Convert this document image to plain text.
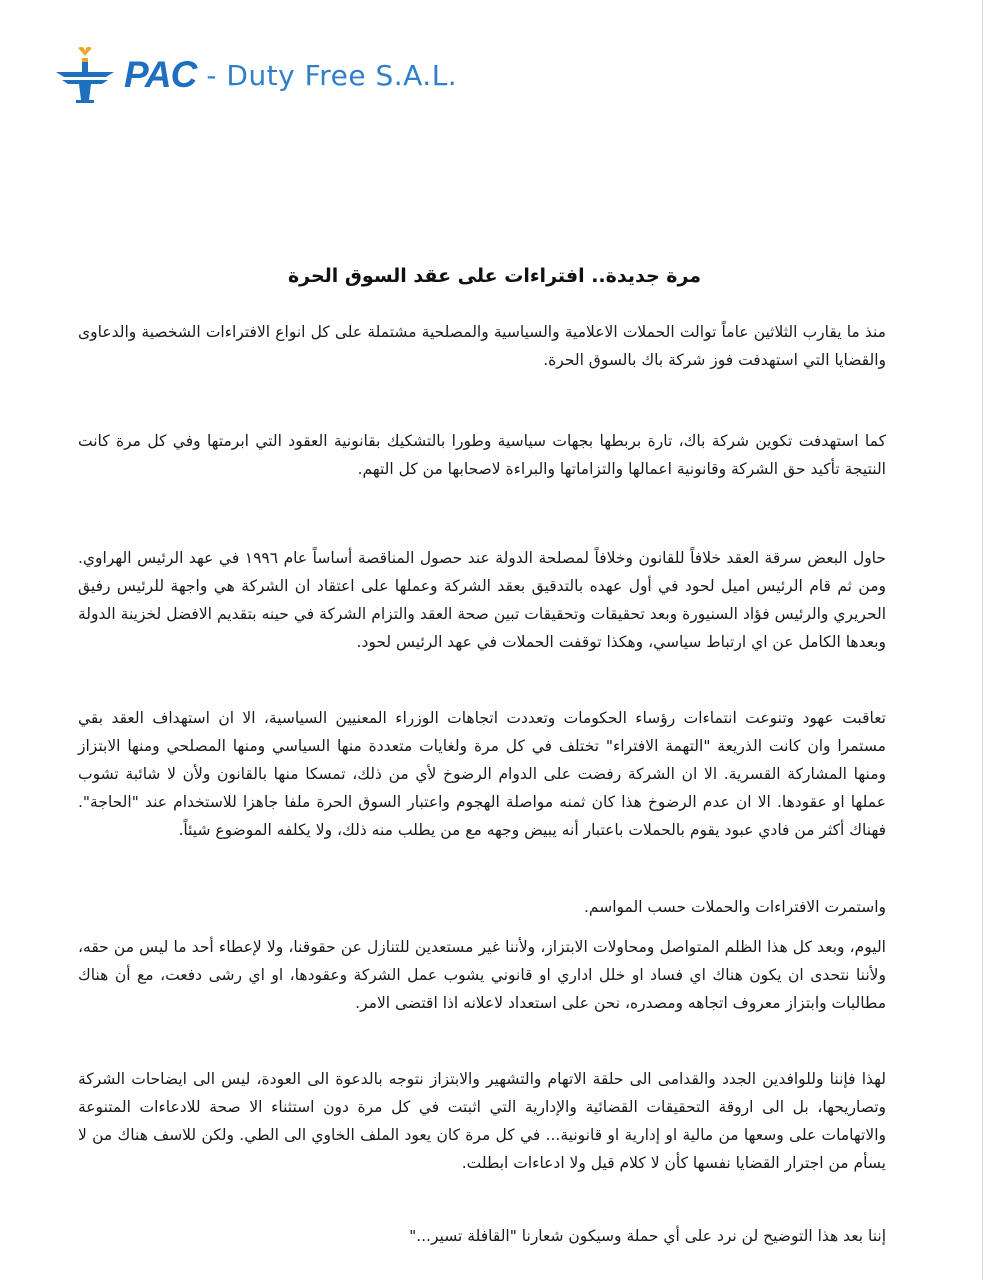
PAC - Duty Free S.A.L.
مرة جديدة.. افتراءات على عقد السوق الحرة

منذ ما يقارب الثلاثين عاماً توالت الحملات الاعلامية والسياسية والمصلحية مشتملة على كل انواع الافتراءات الشخصية والدعاوى والقضايا التي استهدفت فوز شركة باك بالسوق الحرة.

كما استهدفت تكوين شركة باك، تارة بربطها بجهات سياسية وطورا بالتشكيك بقانونية العقود التي ابرمتها وفي كل مرة كانت النتيجة تأكيد حق الشركة وقانونية اعمالها والتزاماتها والبراءة لاصحابها من كل التهم.

حاول البعض سرقة العقد خلافاً للقانون وخلافاً لمصلحة الدولة عند حصول المناقصة أساساً عام ١٩٩٦ في عهد الرئيس الهراوي. ومن ثم قام الرئيس اميل لحود في أول عهده بالتدقيق بعقد الشركة وعملها على اعتقاد ان الشركة هي واجهة للرئيس رفيق الحريري والرئيس فؤاد السنيورة وبعد تحقيقات وتحقيقات تبين صحة العقد والتزام الشركة في حينه بتقديم الافضل لخزينة الدولة وبعدها الكامل عن اي ارتباط سياسي، وهكذا توقفت الحملات في عهد الرئيس لحود.

تعاقبت عهود وتنوعت انتماءات رؤساء الحكومات وتعددت اتجاهات الوزراء المعنيين السياسية، الا ان استهداف العقد بقي مستمرا وان كانت الذريعة "التهمة الافتراء" تختلف في كل مرة ولغايات متعددة منها السياسي ومنها المصلحي ومنها الابتزاز ومنها المشاركة القسرية. الا ان الشركة رفضت على الدوام الرضوخ لأي من ذلك، تمسكا منها بالقانون ولأن لا شائبة تشوب عملها او عقودها. الا ان عدم الرضوخ هذا كان ثمنه مواصلة الهجوم واعتبار السوق الحرة ملفا جاهزا للاستخدام عند "الحاجة". فهناك أكثر من فادي عبود يقوم بالحملات باعتبار أنه يبيض وجهه مع من يطلب منه ذلك، ولا يكلفه الموضوع شيئاً.

واستمرت الافتراءات والحملات حسب المواسم.

اليوم، وبعد كل هذا الظلم المتواصل ومحاولات الابتزاز، ولأننا غير مستعدين للتنازل عن حقوقنا، ولا لإعطاء أحد ما ليس من حقه، ولأننا نتحدى ان يكون هناك اي فساد او خلل اداري او قانوني يشوب عمل الشركة وعقودها، او اي رشى دفعت، مع أن هناك مطالبات وابتزاز معروف اتجاهه ومصدره، نحن على استعداد لاعلانه اذا اقتضى الامر.

لهذا فإننا وللوافدين الجدد والقدامى الى حلقة الاتهام والتشهير والابتزاز نتوجه بالدعوة الى العودة، ليس الى ايضاحات الشركة وتصاريحها، بل الى اروقة التحقيقات القضائية والإدارية التي اثبتت في كل مرة دون استثناء الا صحة للادعاءات المتنوعة والاتهامات على وسعها من مالية او إدارية او قانونية... في كل مرة كان يعود الملف الخاوي الى الطي. ولكن للاسف هناك من لا يسأم من اجترار القضايا نفسها كأن لا كلام قيل ولا ادعاءات ابطلت.

إننا بعد هذا التوضيح لن نرد على أي حملة وسيكون شعارنا "القافلة تسير..."
